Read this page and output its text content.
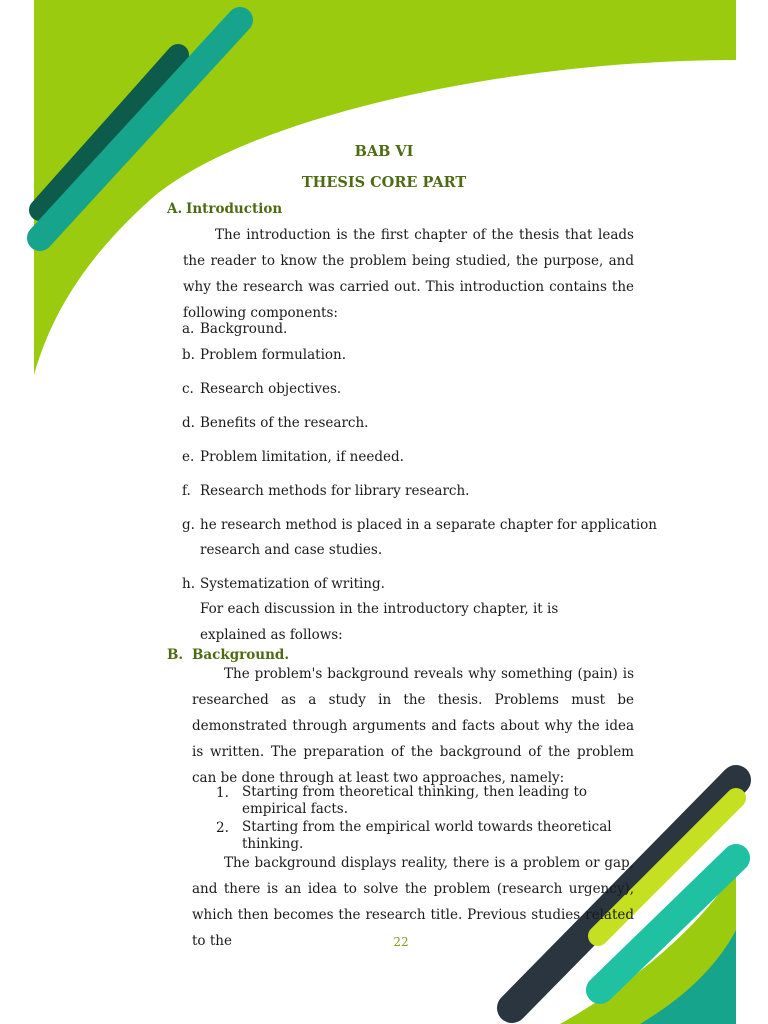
BAB VI
THESIS CORE PART
A. Introduction
The introduction is the first chapter of the thesis that leads the reader to know the problem being studied, the purpose, and why the research was carried out. This introduction contains the following components:
a. Background.
b. Problem formulation.
c. Research objectives.
d. Benefits of the research.
e. Problem limitation, if needed.
f. Research methods for library research.
g. he research method is placed in a separate chapter for application
research and case studies.
h. Systematization of writing.
For each discussion in the introductory chapter, it is explained as follows:
B. Background.
The problem's background reveals why something (pain) is researched as a study in the thesis. Problems must be demonstrated through arguments and facts about why the idea is written. The preparation of the background of the problem can be done through at least two approaches, namely:
1. Starting from theoretical thinking, then leading to empirical facts.
2. Starting from the empirical world towards theoretical thinking.
The background displays reality, there is a problem or gap, and there is an idea to solve the problem (research urgency), which then becomes the research title. Previous studies related to the	22
